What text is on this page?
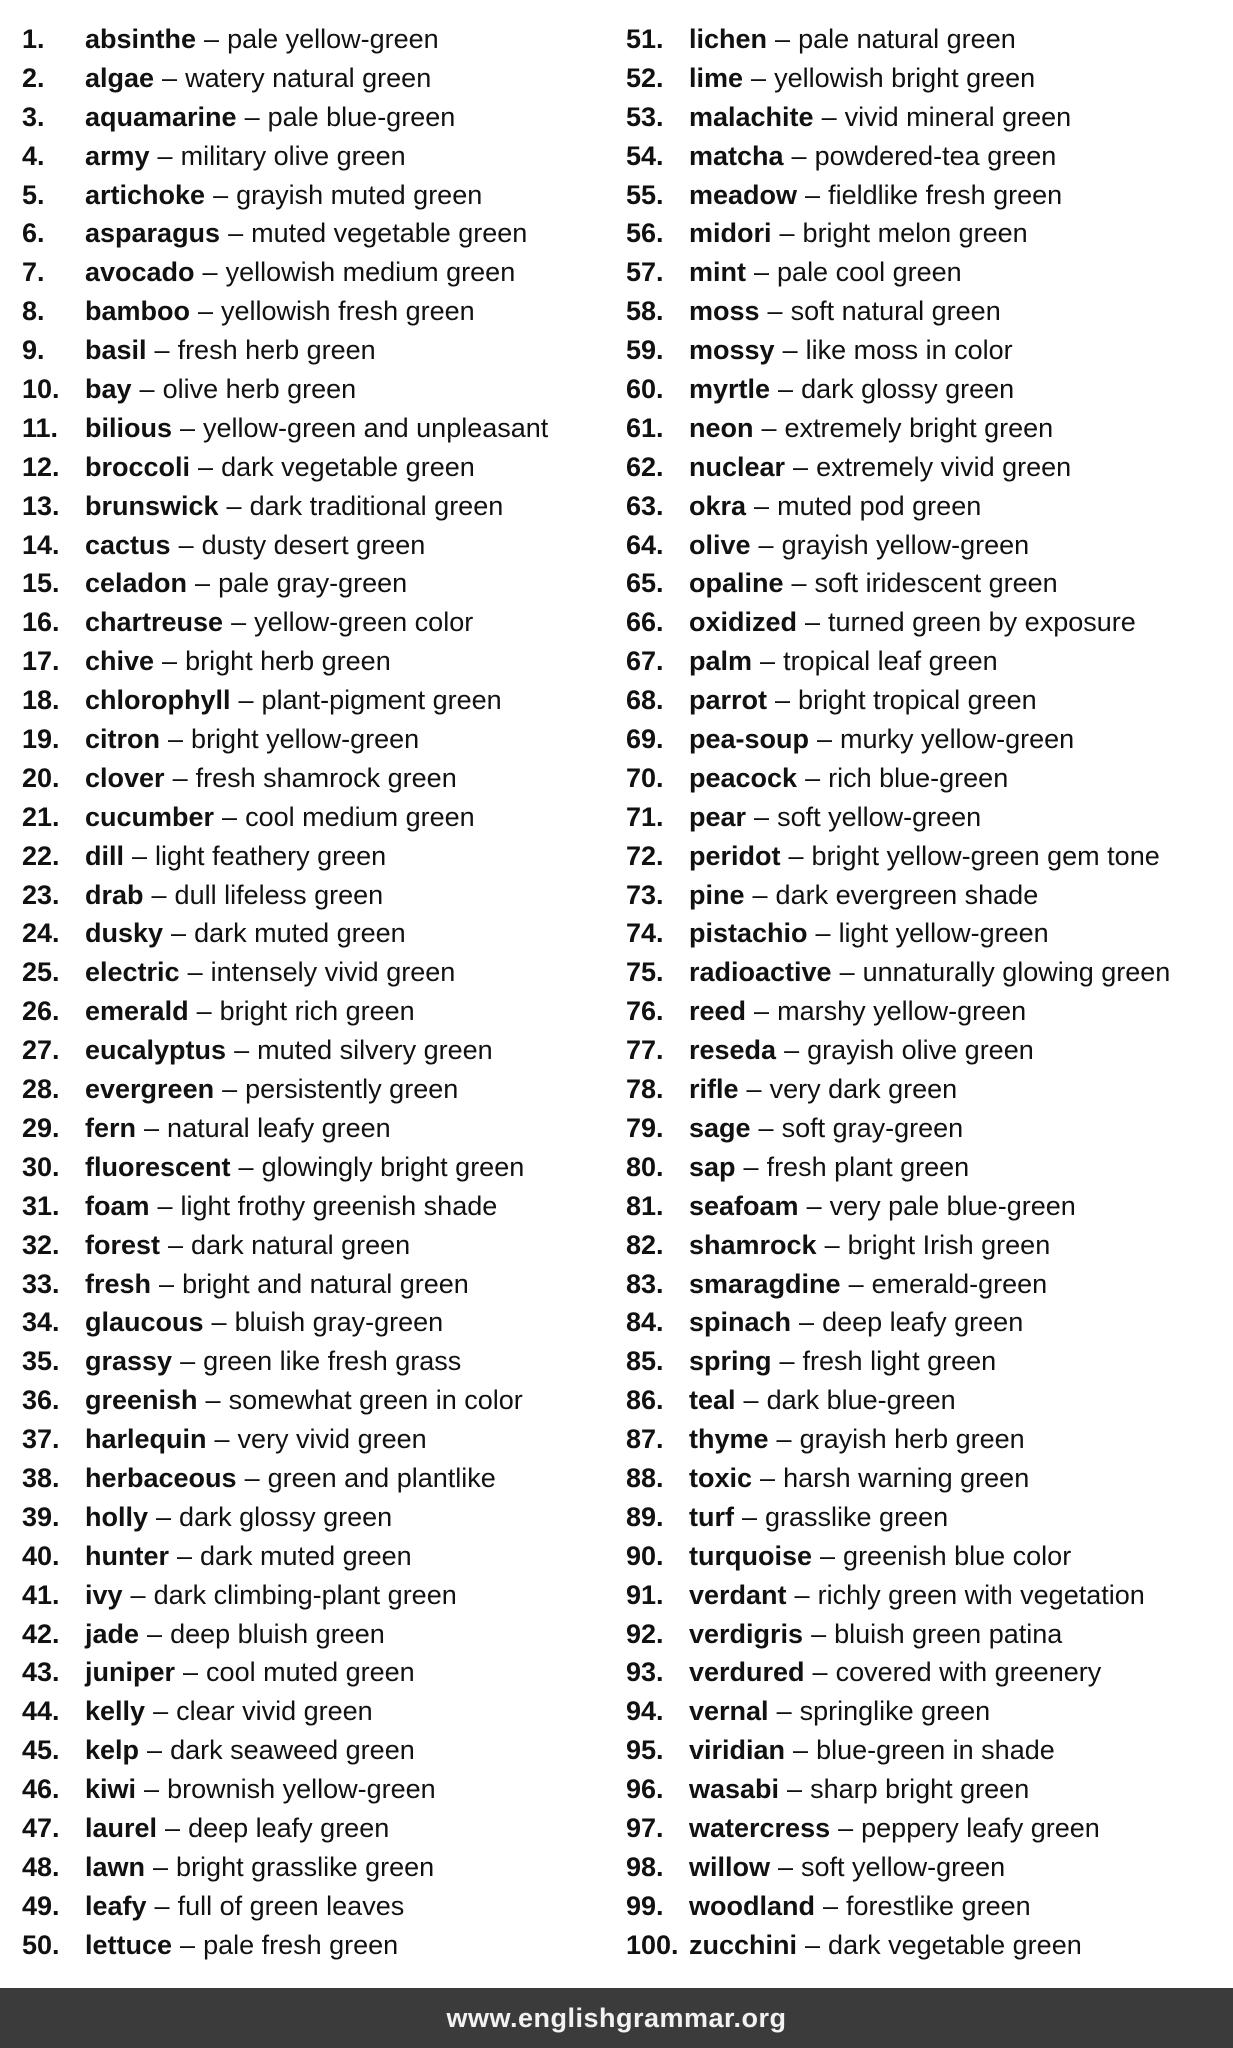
1.	absinthe – pale yellow-green
2.	algae – watery natural green
3.	aquamarine – pale blue-green
4.	army – military olive green
5.	artichoke – grayish muted green
6.	asparagus – muted vegetable green
7.	avocado – yellowish medium green
8.	bamboo – yellowish fresh green
9.	basil – fresh herb green
10. bay – olive herb green
11. bilious – yellow-green and unpleasant
12. broccoli – dark vegetable green
13. brunswick – dark traditional green
14. cactus – dusty desert green
15. celadon – pale gray-green
16. chartreuse – yellow-green color
17. chive – bright herb green
18. chlorophyll – plant-pigment green
19. citron – bright yellow-green
20. clover – fresh shamrock green
21. cucumber – cool medium green
22. dill – light feathery green
23. drab – dull lifeless green
24. dusky – dark muted green
25. electric – intensely vivid green
26. emerald – bright rich green
27. eucalyptus – muted silvery green
28. evergreen – persistently green
29. fern – natural leafy green
30. fluorescent – glowingly bright green
31. foam – light frothy greenish shade
32. forest – dark natural green
33. fresh – bright and natural green
34. glaucous – bluish gray-green
35. grassy – green like fresh grass
36. greenish – somewhat green in color
37. harlequin – very vivid green
38. herbaceous – green and plantlike
39. holly – dark glossy green
40. hunter – dark muted green
41. ivy – dark climbing-plant green
42. jade – deep bluish green
43. juniper – cool muted green
44. kelly – clear vivid green
45. kelp – dark seaweed green
46. kiwi – brownish yellow-green
47. laurel – deep leafy green
48. lawn – bright grasslike green
49. leafy – full of green leaves
50. lettuce – pale fresh green
51. lichen – pale natural green
52. lime – yellowish bright green
53. malachite – vivid mineral green
54. matcha – powdered-tea green
55. meadow – fieldlike fresh green
56. midori – bright melon green
57. mint – pale cool green
58. moss – soft natural green
59. mossy – like moss in color
60. myrtle – dark glossy green
61. neon – extremely bright green
62. nuclear – extremely vivid green
63. okra – muted pod green
64. olive – grayish yellow-green
65. opaline – soft iridescent green
66. oxidized – turned green by exposure
67. palm – tropical leaf green
68. parrot – bright tropical green
69. pea-soup – murky yellow-green
70. peacock – rich blue-green
71. pear – soft yellow-green
72. peridot – bright yellow-green gem tone
73. pine – dark evergreen shade
74. pistachio – light yellow-green
75. radioactive – unnaturally glowing green
76. reed – marshy yellow-green
77. reseda – grayish olive green
78. rifle – very dark green
79. sage – soft gray-green
80. sap – fresh plant green
81. seafoam – very pale blue-green
82. shamrock – bright Irish green
83. smaragdine – emerald-green
84. spinach – deep leafy green
85. spring – fresh light green
86. teal – dark blue-green
87. thyme – grayish herb green
88. toxic – harsh warning green
89. turf – grasslike green
90. turquoise – greenish blue color
91. verdant – richly green with vegetation
92. verdigris – bluish green patina
93. verdured – covered with greenery
94. vernal – springlike green
95. viridian – blue-green in shade
96. wasabi – sharp bright green
97. watercress – peppery leafy green
98. willow – soft yellow-green
99. woodland – forestlike green
100. zucchini – dark vegetable green
www.englishgrammar.org
